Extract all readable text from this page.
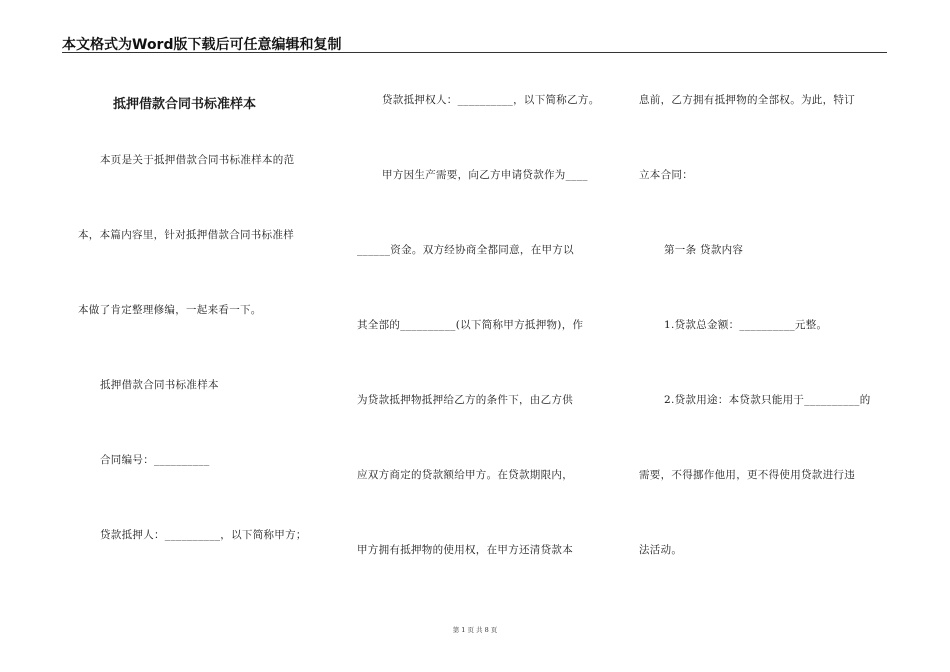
本文格式为Word版下载后可任意编辑和复制
抵押借款合同书标准样本
本页是关于抵押借款合同书标准样本的范
本，本篇内容里，针对抵押借款合同书标准样
本做了肯定整理修编，一起来看一下。
抵押借款合同书标准样本
合同编号：__________
贷款抵押人：__________，以下简称甲方；
贷款抵押权人：__________，以下简称乙方。
甲方因生产需要，向乙方申请贷款作为____
______资金。双方经协商全都同意，在甲方以
其全部的__________(以下简称甲方抵押物)，作
为贷款抵押物抵押给乙方的条件下，由乙方供
应双方商定的贷款额给甲方。在贷款期限内，
甲方拥有抵押物的使用权，在甲方还清贷款本
息前，乙方拥有抵押物的全部权。为此，特订
立本合同：
第一条 贷款内容
1.贷款总金额：__________元整。
2.贷款用途：本贷款只能用于__________的
需要，不得挪作他用，更不得使用贷款进行违
法活动。
第 1 页 共 8 页
